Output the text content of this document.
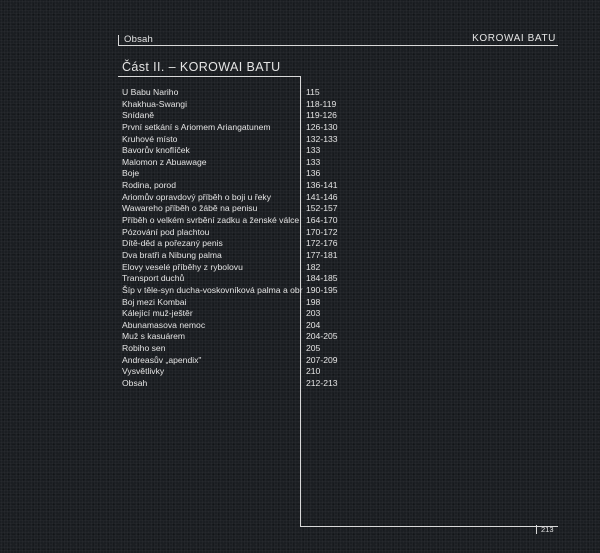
Obsah	KOROWAI BATU
Část II. – KOROWAI BATU
U Babu Nariho	115
Khakhua-Swangi	118-119
Snídaně	119-126
První setkání s Ariomem Ariangatunem	126-130
Kruhové místo	132-133
Bavorův knoflíček	133
Malomon z Abuawage	133
Boje	136
Rodina, porod	136-141
Ariomův opravdový příběh o boji u řeky	141-146
Wawareho příběh o žábě na penisu	152-157
Příběh o velkém svrbění zadku a ženské válce 164-170
Pózování pod plachtou	170-172
Dítě-děd a pořezaný penis	172-176
Dva bratři a Nibung palma	177-181
Elovy veselé příběhy z rybolovu	182
Transport duchů	184-185
Šíp v těle-syn ducha-voskovníková palma a obr 190-195
Boj mezi Kombai	198
Kálející muž-ještěr	203
Abunamasova nemoc	204
Muž s kasuárem	204-205
Robiho sen	205
Andreasův „apendix"	207-209
Vysvětlivky	210
Obsah	212-213
213
